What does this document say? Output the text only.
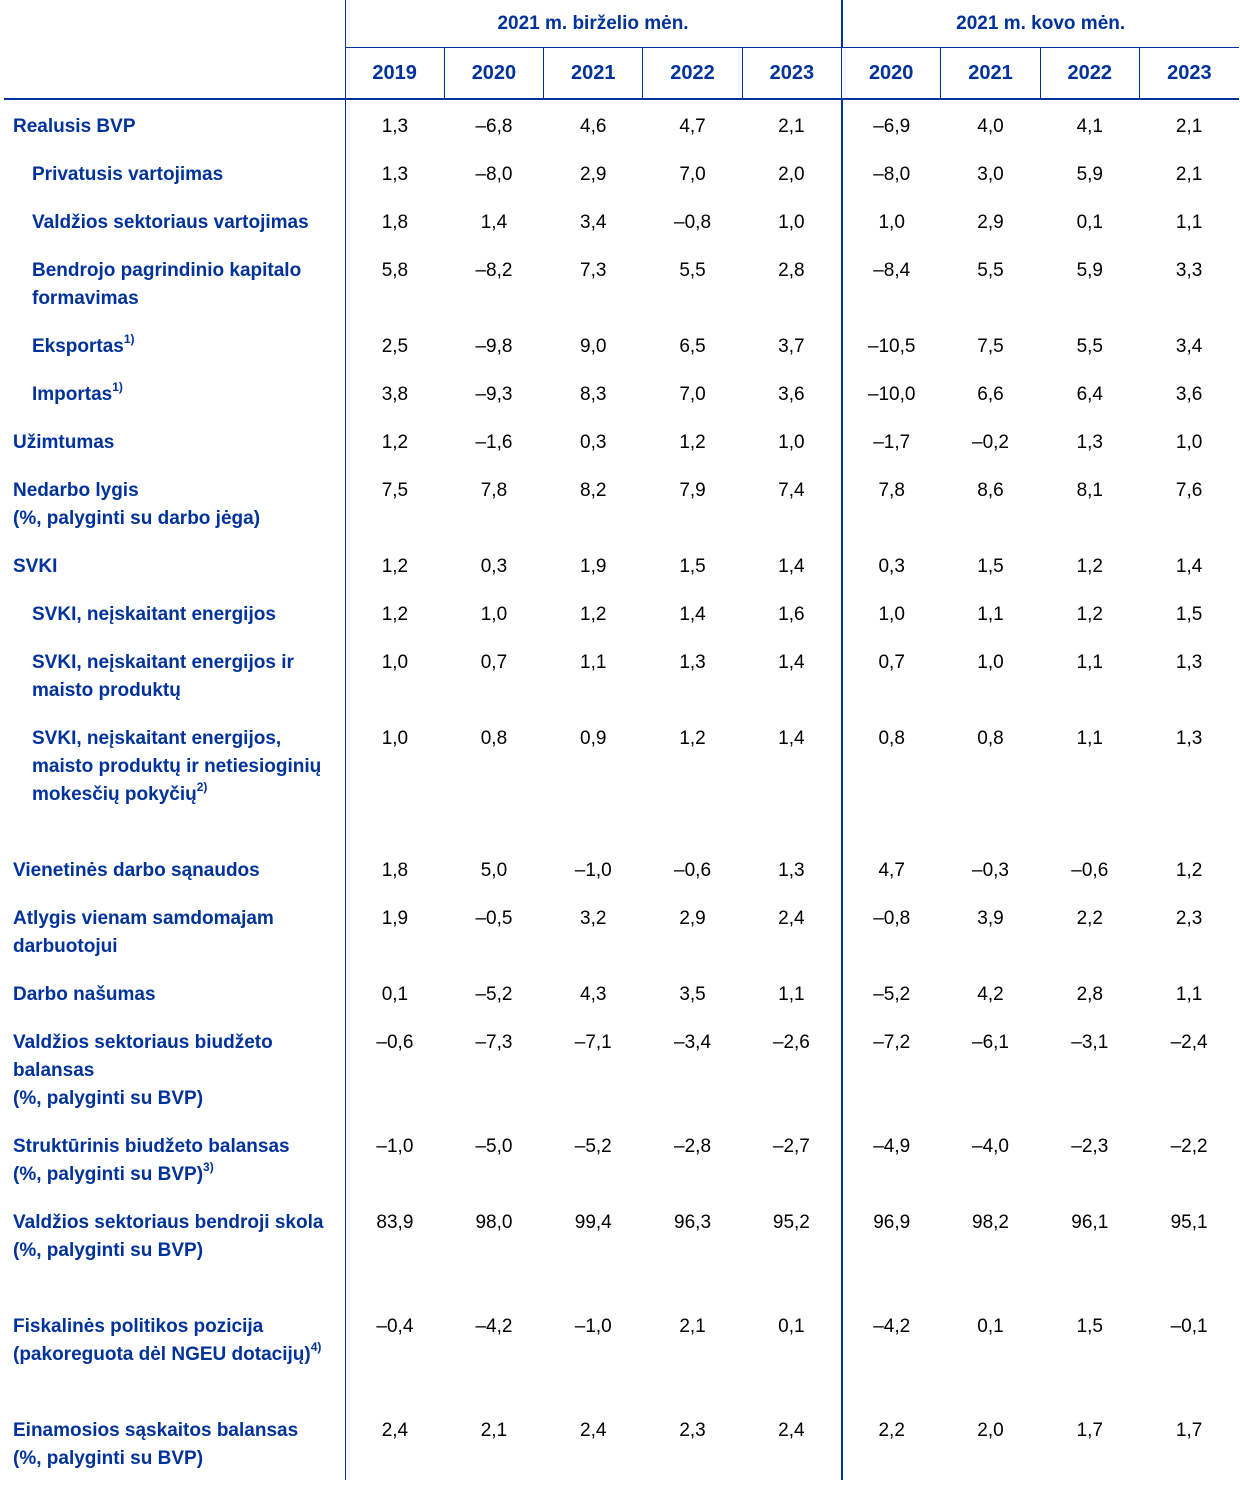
	2021 m. birželio mėn.					2021 m. kovo mėn.			
	2019	2020	2021	2022	2023	2020	2021	2022	2023
Realusis BVP	1,3	–6,8	4,6	4,7	2,1	–6,9	4,0	4,1	2,1
Privatusis vartojimas	1,3	–8,0	2,9	7,0	2,0	–8,0	3,0	5,9	2,1
Valdžios sektoriaus vartojimas	1,8	1,4	3,4	–0,8	1,0	1,0	2,9	0,1	1,1
Bendrojo pagrindinio kapitalo formavimas	5,8	–8,2	7,3	5,5	2,8	–8,4	5,5	5,9	3,3
Eksportas$^{1)}$	2,5	–9,8	9,0	6,5	3,7	–10,5	7,5	5,5	3,4
Importas$^{1)}$	3,8	–9,3	8,3	7,0	3,6	–10,0	6,6	6,4	3,6
Užimtumas	1,2	–1,6	0,3	1,2	1,0	–1,7	–0,2	1,3	1,0
Nedarbo lygis
(%, palyginti su darbo jėga)	7,5	7,8	8,2	7,9	7,4	7,8	8,6	8,1	7,6
SVKI	1,2	0,3	1,9	1,5	1,4	0,3	1,5	1,2	1,4
SVKI, neįskaitant energijos	1,2	1,0	1,2	1,4	1,6	1,0	1,1	1,2	1,5
SVKI, neįskaitant energijos ir maisto produktų	1,0	0,7	1,1	1,3	1,4	0,7	1,0	1,1	1,3
SVKI, neįskaitant energijos, maisto produktų ir netiesioginių mokesčių pokyčių$^{2)}$	1,0	0,8	0,9	1,2	1,4	0,8	0,8	1,1	1,3
Vienetinės darbo sąnaudos	1,8	5,0	–1,0	–0,6	1,3	4,7	–0,3	–0,6	1,2
Atlygis vienam samdomajam darbuotojui	1,9	–0,5	3,2	2,9	2,4	–0,8	3,9	2,2	2,3
Darbo našumas	0,1	–5,2	4,3	3,5	1,1	–5,2	4,2	2,8	1,1
Valdžios sektoriaus biudžeto balansas
(%, palyginti su BVP)	–0,6	–7,3	–7,1	–3,4	–2,6	–7,2	–6,1	–3,1	–2,4
Struktūrinis biudžeto balansas
(%, palyginti su BVP)$^{3)}$	–1,0	–5,0	–5,2	–2,8	–2,7	–4,9	–4,0	–2,3	–2,2
Valdžios sektoriaus bendroji skola
(%, palyginti su BVP)	83,9	98,0	99,4	96,3	95,2	96,9	98,2	96,1	95,1
Fiskalinės politikos pozicija (pakoreguota dėl NGEU dotacijų)$^{4)}$	–0,4	–4,2	–1,0	2,1	0,1	–4,2	0,1	1,5	–0,1
Einamosios sąskaitos balansas
(%, palyginti su BVP)	2,4	2,1	2,4	2,3	2,4	2,2	2,0	1,7	1,7
